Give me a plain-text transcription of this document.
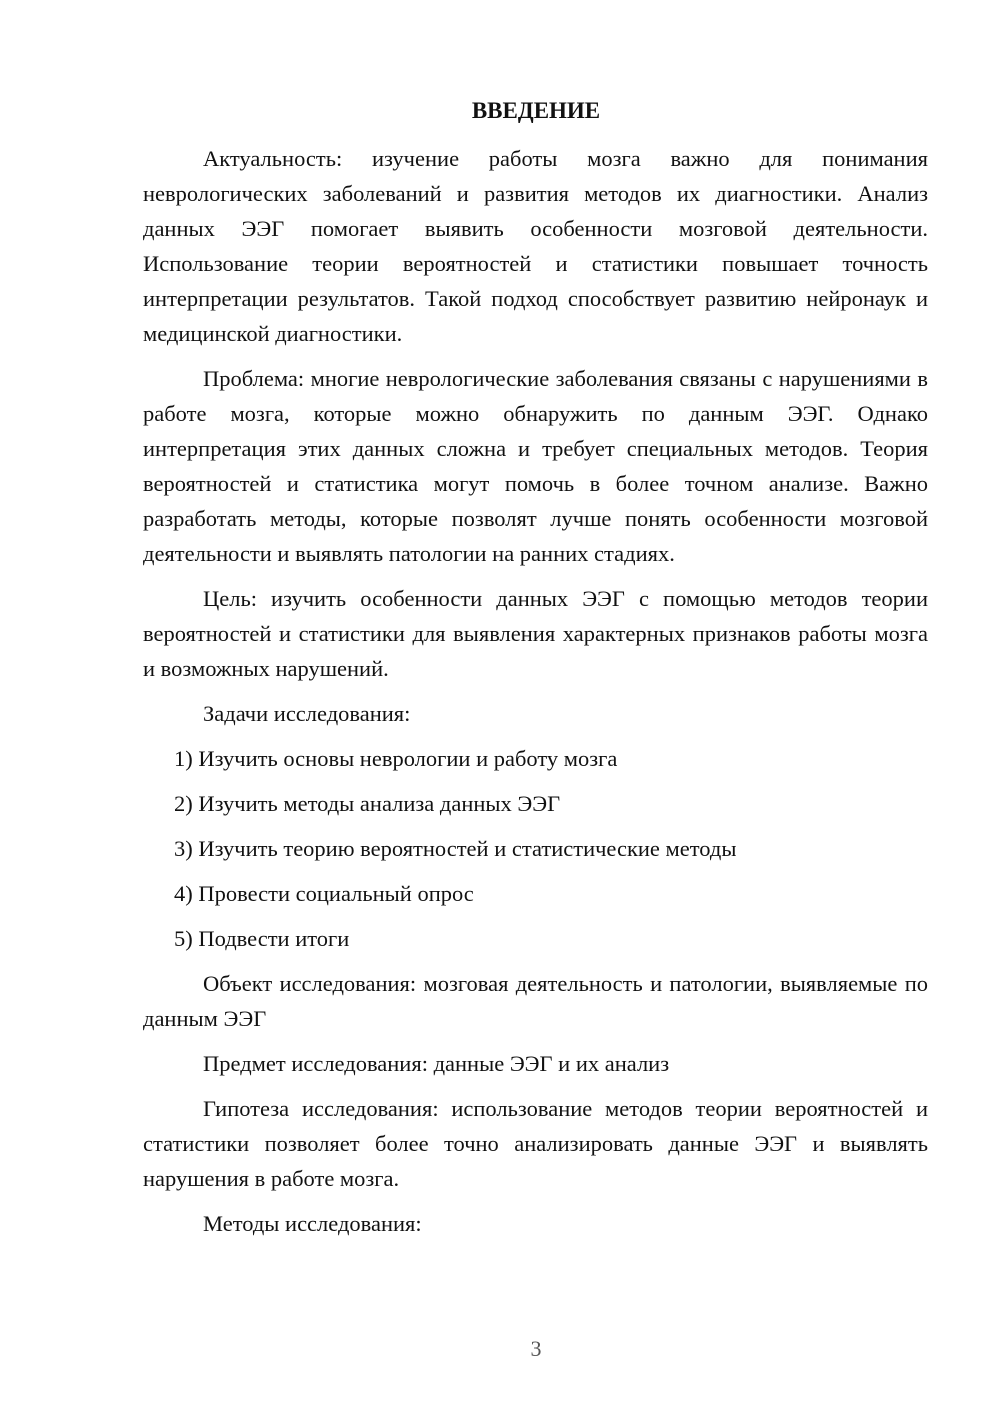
ВВЕДЕНИЕ

Актуальность: изучение работы мозга важно для понимания неврологических заболеваний и развития методов их диагностики. Анализ данных ЭЭГ помогает выявить особенности мозговой деятельности. Использование теории вероятностей и статистики повышает точность интерпретации результатов. Такой подход способствует развитию нейронаук и медицинской диагностики.

Проблема: многие неврологические заболевания связаны с нарушениями в работе мозга, которые можно обнаружить по данным ЭЭГ. Однако интерпретация этих данных сложна и требует специальных методов. Теория вероятностей и статистика могут помочь в более точном анализе. Важно разработать методы, которые позволят лучше понять особенности мозговой деятельности и выявлять патологии на ранних стадиях.

Цель: изучить особенности данных ЭЭГ с помощью методов теории вероятностей и статистики для выявления характерных признаков работы мозга и возможных нарушений.

Задачи исследования:

1) Изучить основы неврологии и работу мозга
2) Изучить методы анализа данных ЭЭГ
3) Изучить теорию вероятностей и статистические методы
4) Провести социальный опрос
5) Подвести итоги

Объект исследования: мозговая деятельность и патологии, выявляемые по данным ЭЭГ

Предмет исследования: данные ЭЭГ и их анализ

Гипотеза исследования: использование методов теории вероятностей и статистики позволяет более точно анализировать данные ЭЭГ и выявлять нарушения в работе мозга.

Методы исследования:

3
